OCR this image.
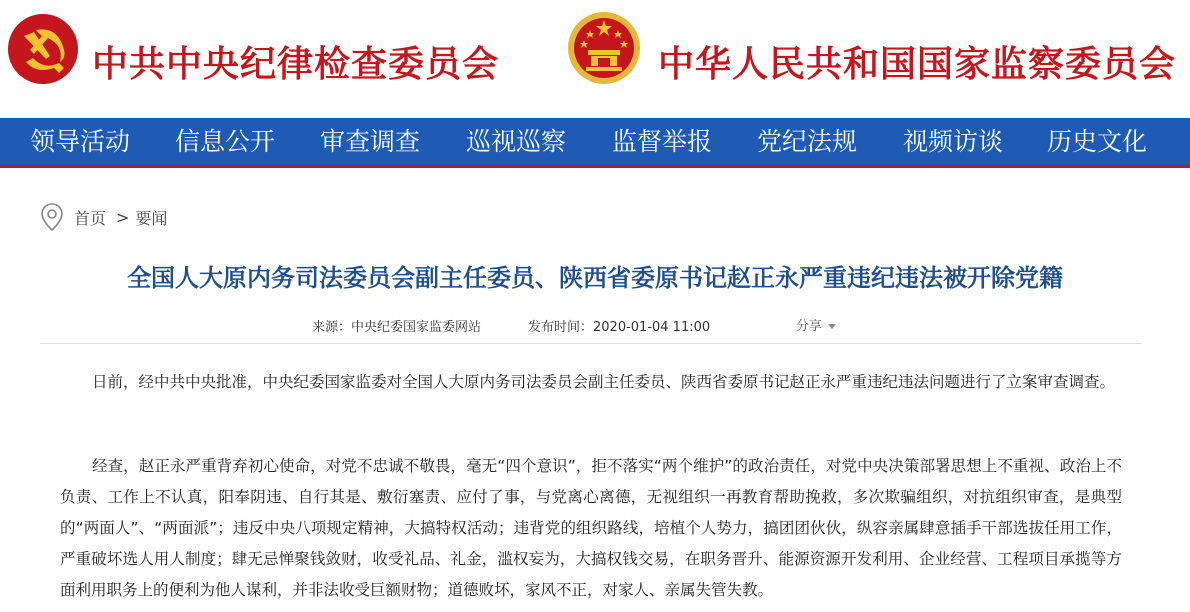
中共中央纪律检查委员会	中华人民共和国国家监察委员会
领导活动 信息公开 审查调查 巡视巡察 监督举报 党纪法规 视频访谈 历史文化
首页 > 要闻
全国人大原内务司法委员会副主任委员、陕西省委原书记赵正永严重违纪违法被开除党籍
来源：中央纪委国家监委网站	发布时间：2020-01-04 11:00	分享

日前，经中共中央批准，中央纪委国家监委对全国人大原内务司法委员会副主任委员、陕西省委原书记赵正永严重违纪违法问题进行了立案审查调查。

经查，赵正永严重背弃初心使命，对党不忠诚不敬畏，毫无“四个意识”，拒不落实“两个维护”的政治责任，对党中央决策部署思想上不重视、政治上不负责、工作上不认真，阳奉阴违、自行其是、敷衍塞责、应付了事，与党离心离德，无视组织一再教育帮助挽救，多次欺骗组织，对抗组织审查，是典型的“两面人”、“两面派”；违反中央八项规定精神，大搞特权活动；违背党的组织路线，培植个人势力，搞团团伙伙，纵容亲属肆意插手干部选拔任用工作，严重破坏选人用人制度；肆无忌惮聚钱敛财，收受礼品、礼金，滥权妄为，大搞权钱交易，在职务晋升、能源资源开发利用、企业经营、工程项目承揽等方面利用职务上的便利为他人谋利，并非法收受巨额财物；道德败坏，家风不正，对家人、亲属失管失教。
